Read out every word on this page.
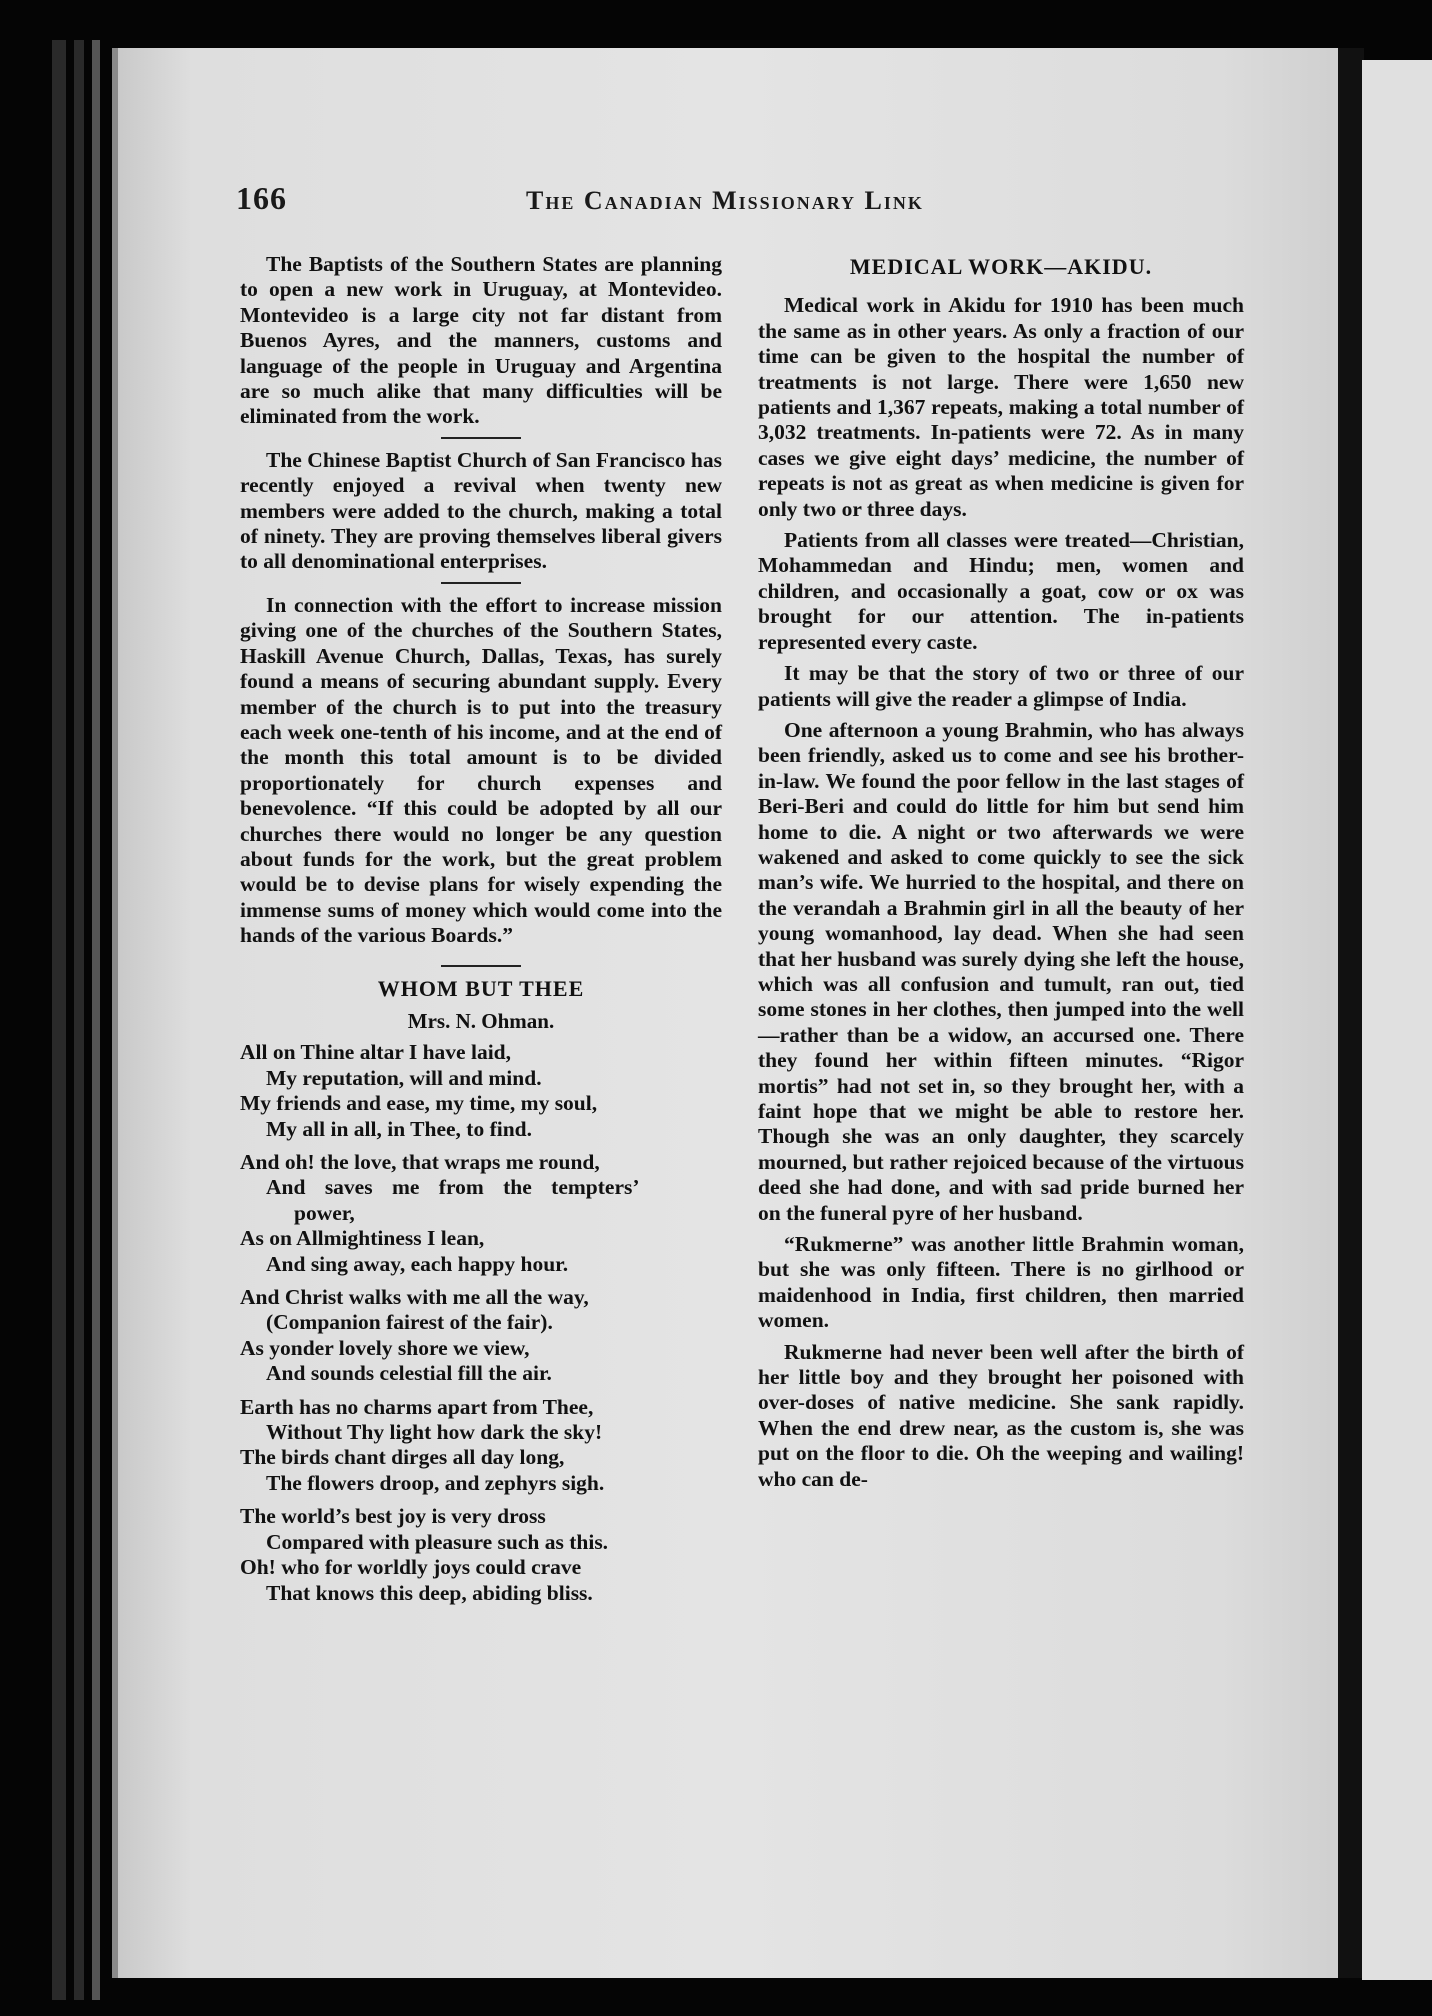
166	The Canadian Missionary Link

The Baptists of the Southern States are planning to open a new work in Uruguay, at Montevideo. Montevideo is a large city not far distant from Buenos Ayres, and the manners, customs and language of the people in Uruguay and Argentina are so much alike that many difficulties will be eliminated from the work.

The Chinese Baptist Church of San Francisco has recently enjoyed a revival when twenty new members were added to the church, making a total of ninety. They are proving themselves liberal givers to all denominational enterprises.

In connection with the effort to increase mission giving one of the churches of the Southern States, Haskill Avenue Church, Dallas, Texas, has surely found a means of securing abundant supply. Every member of the church is to put into the treasury each week one-tenth of his income, and at the end of the month this total amount is to be divided proportionately for church expenses and benevolence. “If this could be adopted by all our churches there would no longer be any question about funds for the work, but the great problem would be to devise plans for wisely expending the immense sums of money which would come into the hands of the various Boards.”

WHOM BUT THEE
Mrs. N. Ohman.
All on Thine altar I have laid,
My reputation, will and mind.
My friends and ease, my time, my soul,
My all in all, in Thee, to find.
And oh! the love, that wraps me round,
And saves me from the tempters’
power,
As on Allmightiness I lean,
And sing away, each happy hour.
And Christ walks with me all the way,
(Companion fairest of the fair).
As yonder lovely shore we view,
And sounds celestial fill the air.
Earth has no charms apart from Thee,
Without Thy light how dark the sky!
The birds chant dirges all day long,
The flowers droop, and zephyrs sigh.
The world’s best joy is very dross
Compared with pleasure such as this.
Oh! who for worldly joys could crave
That knows this deep, abiding bliss.
MEDICAL WORK—AKIDU.

Medical work in Akidu for 1910 has been much the same as in other years. As only a fraction of our time can be given to the hospital the number of treatments is not large. There were 1,650 new patients and 1,367 repeats, making a total number of 3,032 treatments. In-patients were 72. As in many cases we give eight days’ medicine, the number of repeats is not as great as when medicine is given for only two or three days.

Patients from all classes were treated—Christian, Mohammedan and Hindu; men, women and children, and occasionally a goat, cow or ox was brought for our attention. The in-patients represented every caste.

It may be that the story of two or three of our patients will give the reader a glimpse of India.

One afternoon a young Brahmin, who has always been friendly, asked us to come and see his brother-in-law. We found the poor fellow in the last stages of Beri-Beri and could do little for him but send him home to die. A night or two afterwards we were wakened and asked to come quickly to see the sick man’s wife. We hurried to the hospital, and there on the verandah a Brahmin girl in all the beauty of her young womanhood, lay dead. When she had seen that her husband was surely dying she left the house, which was all confusion and tumult, ran out, tied some stones in her clothes, then jumped into the well—rather than be a widow, an accursed one. There they found her within fifteen minutes. “Rigor mortis” had not set in, so they brought her, with a faint hope that we might be able to restore her. Though she was an only daughter, they scarcely mourned, but rather rejoiced because of the virtuous deed she had done, and with sad pride burned her on the funeral pyre of her husband.

“Rukmerne” was another little Brahmin woman, but she was only fifteen. There is no girlhood or maidenhood in India, first children, then married women.

Rukmerne had never been well after the birth of her little boy and they brought her poisoned with over-doses of native medicine. She sank rapidly. When the end drew near, as the custom is, she was put on the floor to die. Oh the weeping and wailing! who can de-
